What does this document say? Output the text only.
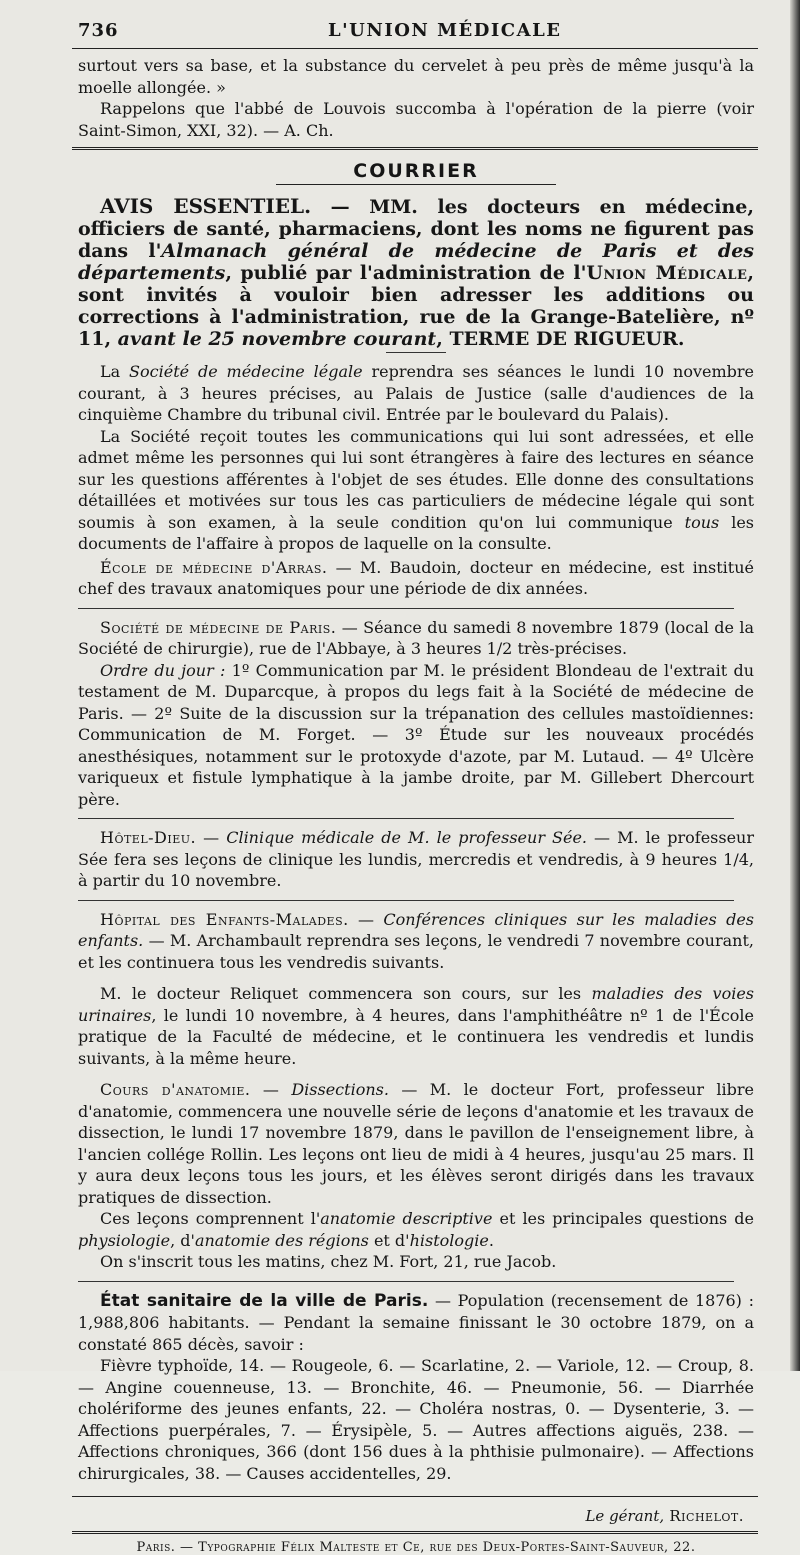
736	L'UNION MÉDICALE

surtout vers sa base, et la substance du cervelet à peu près de même jusqu'à la moelle allongée. »

Rappelons que l'abbé de Louvois succomba à l'opération de la pierre (voir Saint-Simon, XXI, 32). — A. Ch.

COURRIER

AVIS ESSENTIEL. — MM. les docteurs en médecine, officiers de santé, pharmaciens, dont les noms ne figurent pas dans l'Almanach général de médecine de Paris et des départements, publié par l'administration de l'Union Médicale, sont invités à vouloir bien adresser les additions ou corrections à l'administration, rue de la Grange-Batelière, nº 11, avant le 25 novembre courant, TERME DE RIGUEUR.

La Société de médecine légale reprendra ses séances le lundi 10 novembre courant, à 3 heures précises, au Palais de Justice (salle d'audiences de la cinquième Chambre du tribunal civil. Entrée par le boulevard du Palais).

La Société reçoit toutes les communications qui lui sont adressées, et elle admet même les personnes qui lui sont étrangères à faire des lectures en séance sur les questions afférentes à l'objet de ses études. Elle donne des consultations détaillées et motivées sur tous les cas particuliers de médecine légale qui sont soumis à son examen, à la seule condition qu'on lui communique tous les documents de l'affaire à propos de laquelle on la consulte.

École de médecine d'Arras. — M. Baudoin, docteur en médecine, est institué chef des travaux anatomiques pour une période de dix années.

Société de médecine de Paris. — Séance du samedi 8 novembre 1879 (local de la Société de chirurgie), rue de l'Abbaye, à 3 heures 1/2 très-précises.

Ordre du jour : 1º Communication par M. le président Blondeau de l'extrait du testament de M. Duparcque, à propos du legs fait à la Société de médecine de Paris. — 2º Suite de la discussion sur la trépanation des cellules mastoïdiennes: Communication de M. Forget. — 3º Étude sur les nouveaux procédés anesthésiques, notamment sur le protoxyde d'azote, par M. Lutaud. — 4º Ulcère variqueux et fistule lymphatique à la jambe droite, par M. Gillebert Dhercourt père.

Hôtel-Dieu. — Clinique médicale de M. le professeur Sée. — M. le professeur Sée fera ses leçons de clinique les lundis, mercredis et vendredis, à 9 heures 1/4, à partir du 10 novembre.

Hôpital des Enfants-Malades. — Conférences cliniques sur les maladies des enfants. — M. Archambault reprendra ses leçons, le vendredi 7 novembre courant, et les continuera tous les vendredis suivants.

M. le docteur Reliquet commencera son cours, sur les maladies des voies urinaires, le lundi 10 novembre, à 4 heures, dans l'amphithéâtre nº 1 de l'École pratique de la Faculté de médecine, et le continuera les vendredis et lundis suivants, à la même heure.

Cours d'anatomie. — Dissections. — M. le docteur Fort, professeur libre d'anatomie, commencera une nouvelle série de leçons d'anatomie et les travaux de dissection, le lundi 17 novembre 1879, dans le pavillon de l'enseignement libre, à l'ancien collége Rollin. Les leçons ont lieu de midi à 4 heures, jusqu'au 25 mars. Il y aura deux leçons tous les jours, et les élèves seront dirigés dans les travaux pratiques de dissection.

Ces leçons comprennent l'anatomie descriptive et les principales questions de physiologie, d'anatomie des régions et d'histologie.

On s'inscrit tous les matins, chez M. Fort, 21, rue Jacob.

État sanitaire de la ville de Paris. — Population (recensement de 1876) : 1,988,806 habitants. — Pendant la semaine finissant le 30 octobre 1879, on a constaté 865 décès, savoir :

Fièvre typhoïde, 14. — Rougeole, 6. — Scarlatine, 2. — Variole, 12. — Croup, 8. — Angine couenneuse, 13. — Bronchite, 46. — Pneumonie, 56. — Diarrhée cholériforme des jeunes enfants, 22. — Choléra nostras, 0. — Dysenterie, 3. — Affections puerpérales, 7. — Érysipèle, 5. — Autres affections aiguës, 238. — Affections chroniques, 366 (dont 156 dues à la phthisie pulmonaire). — Affections chirurgicales, 38. — Causes accidentelles, 29.

Le gérant, Richelot.
Paris. — Typographie Félix Malteste et Ce, rue des Deux-Portes-Saint-Sauveur, 22.
